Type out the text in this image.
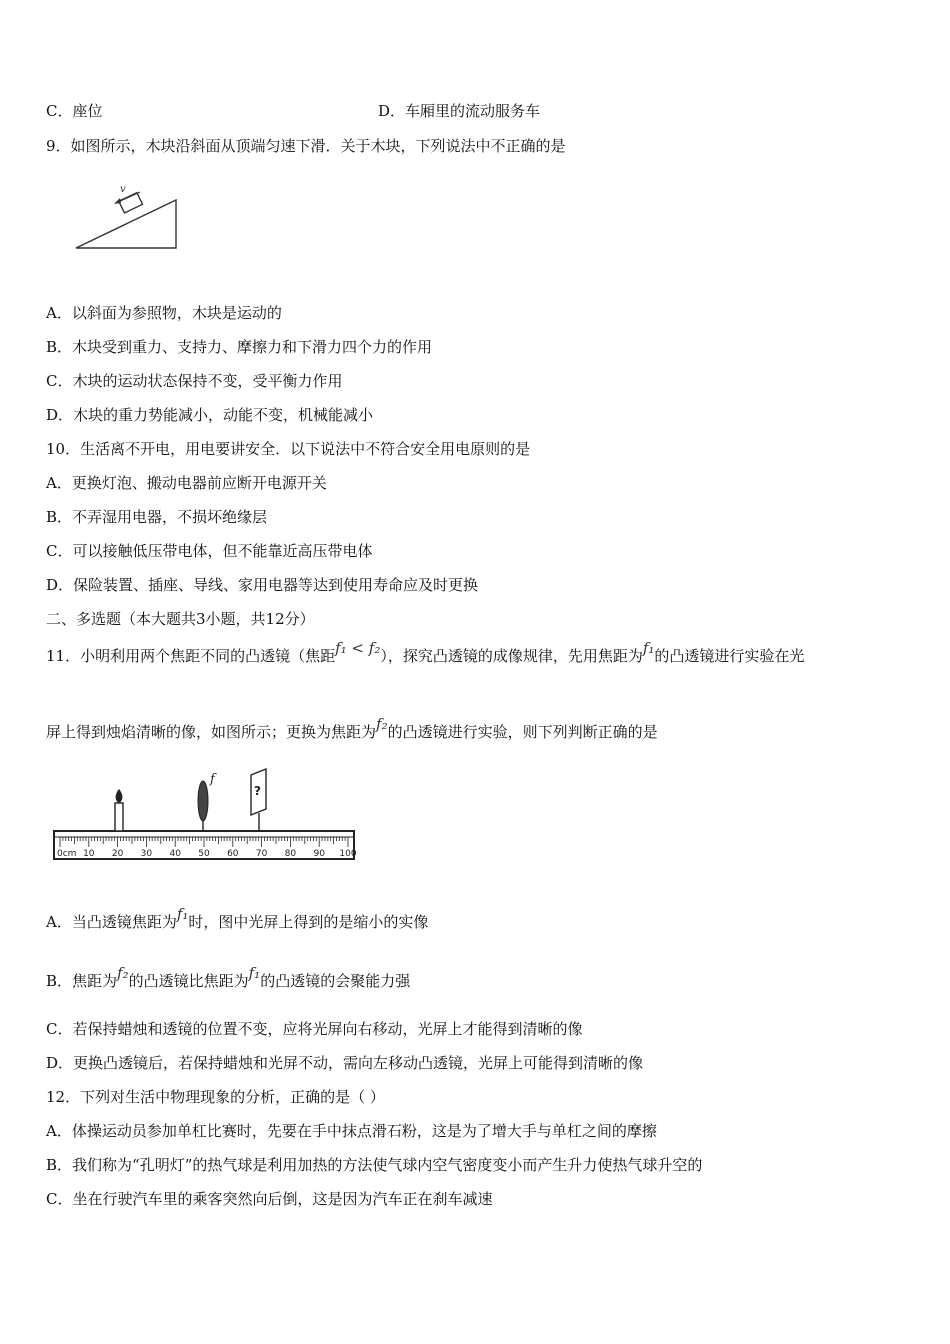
C．座位	D．车厢里的流动服务车
9．如图所示，木块沿斜面从顶端匀速下滑．关于木块，下列说法中不正确的是
v
A．以斜面为参照物，木块是运动的
B．木块受到重力、支持力、摩擦力和下滑力四个力的作用
C．木块的运动状态保持不变，受平衡力作用
D．木块的重力势能减小，动能不变，机械能减小
10．生活离不开电，用电要讲安全．以下说法中不符合安全用电原则的是
A．更换灯泡、搬动电器前应断开电源开关
B．不弄湿用电器，不损坏绝缘层
C．可以接触低压带电体，但不能靠近高压带电体
D．保险装置、插座、导线、家用电器等达到使用寿命应及时更换
二、多选题（本大题共3小题，共12分）
11．小明利用两个焦距不同的凸透镜（焦距f₁ < f₂），探究凸透镜的成像规律，先用焦距为f₁的凸透镜进行实验在光
屏上得到烛焰清晰的像，如图所示；更换为焦距为f₂的凸透镜进行实验，则下列判断正确的是
0cm 10 20 30 40 50 60 70 80 90 100
f
?
A．当凸透镜焦距为f₁时，图中光屏上得到的是缩小的实像
B．焦距为f₂的凸透镜比焦距为f₁的凸透镜的会聚能力强
C．若保持蜡烛和透镜的位置不变，应将光屏向右移动，光屏上才能得到清晰的像
D．更换凸透镜后，若保持蜡烛和光屏不动，需向左移动凸透镜，光屏上可能得到清晰的像
12．下列对生活中物理现象的分析，正确的是（ ）
A．体操运动员参加单杠比赛时，先要在手中抹点滑石粉，这是为了增大手与单杠之间的摩擦
B．我们称为“孔明灯”的热气球是利用加热的方法使气球内空气密度变小而产生升力使热气球升空的
C．坐在行驶汽车里的乘客突然向后倒，这是因为汽车正在刹车减速
